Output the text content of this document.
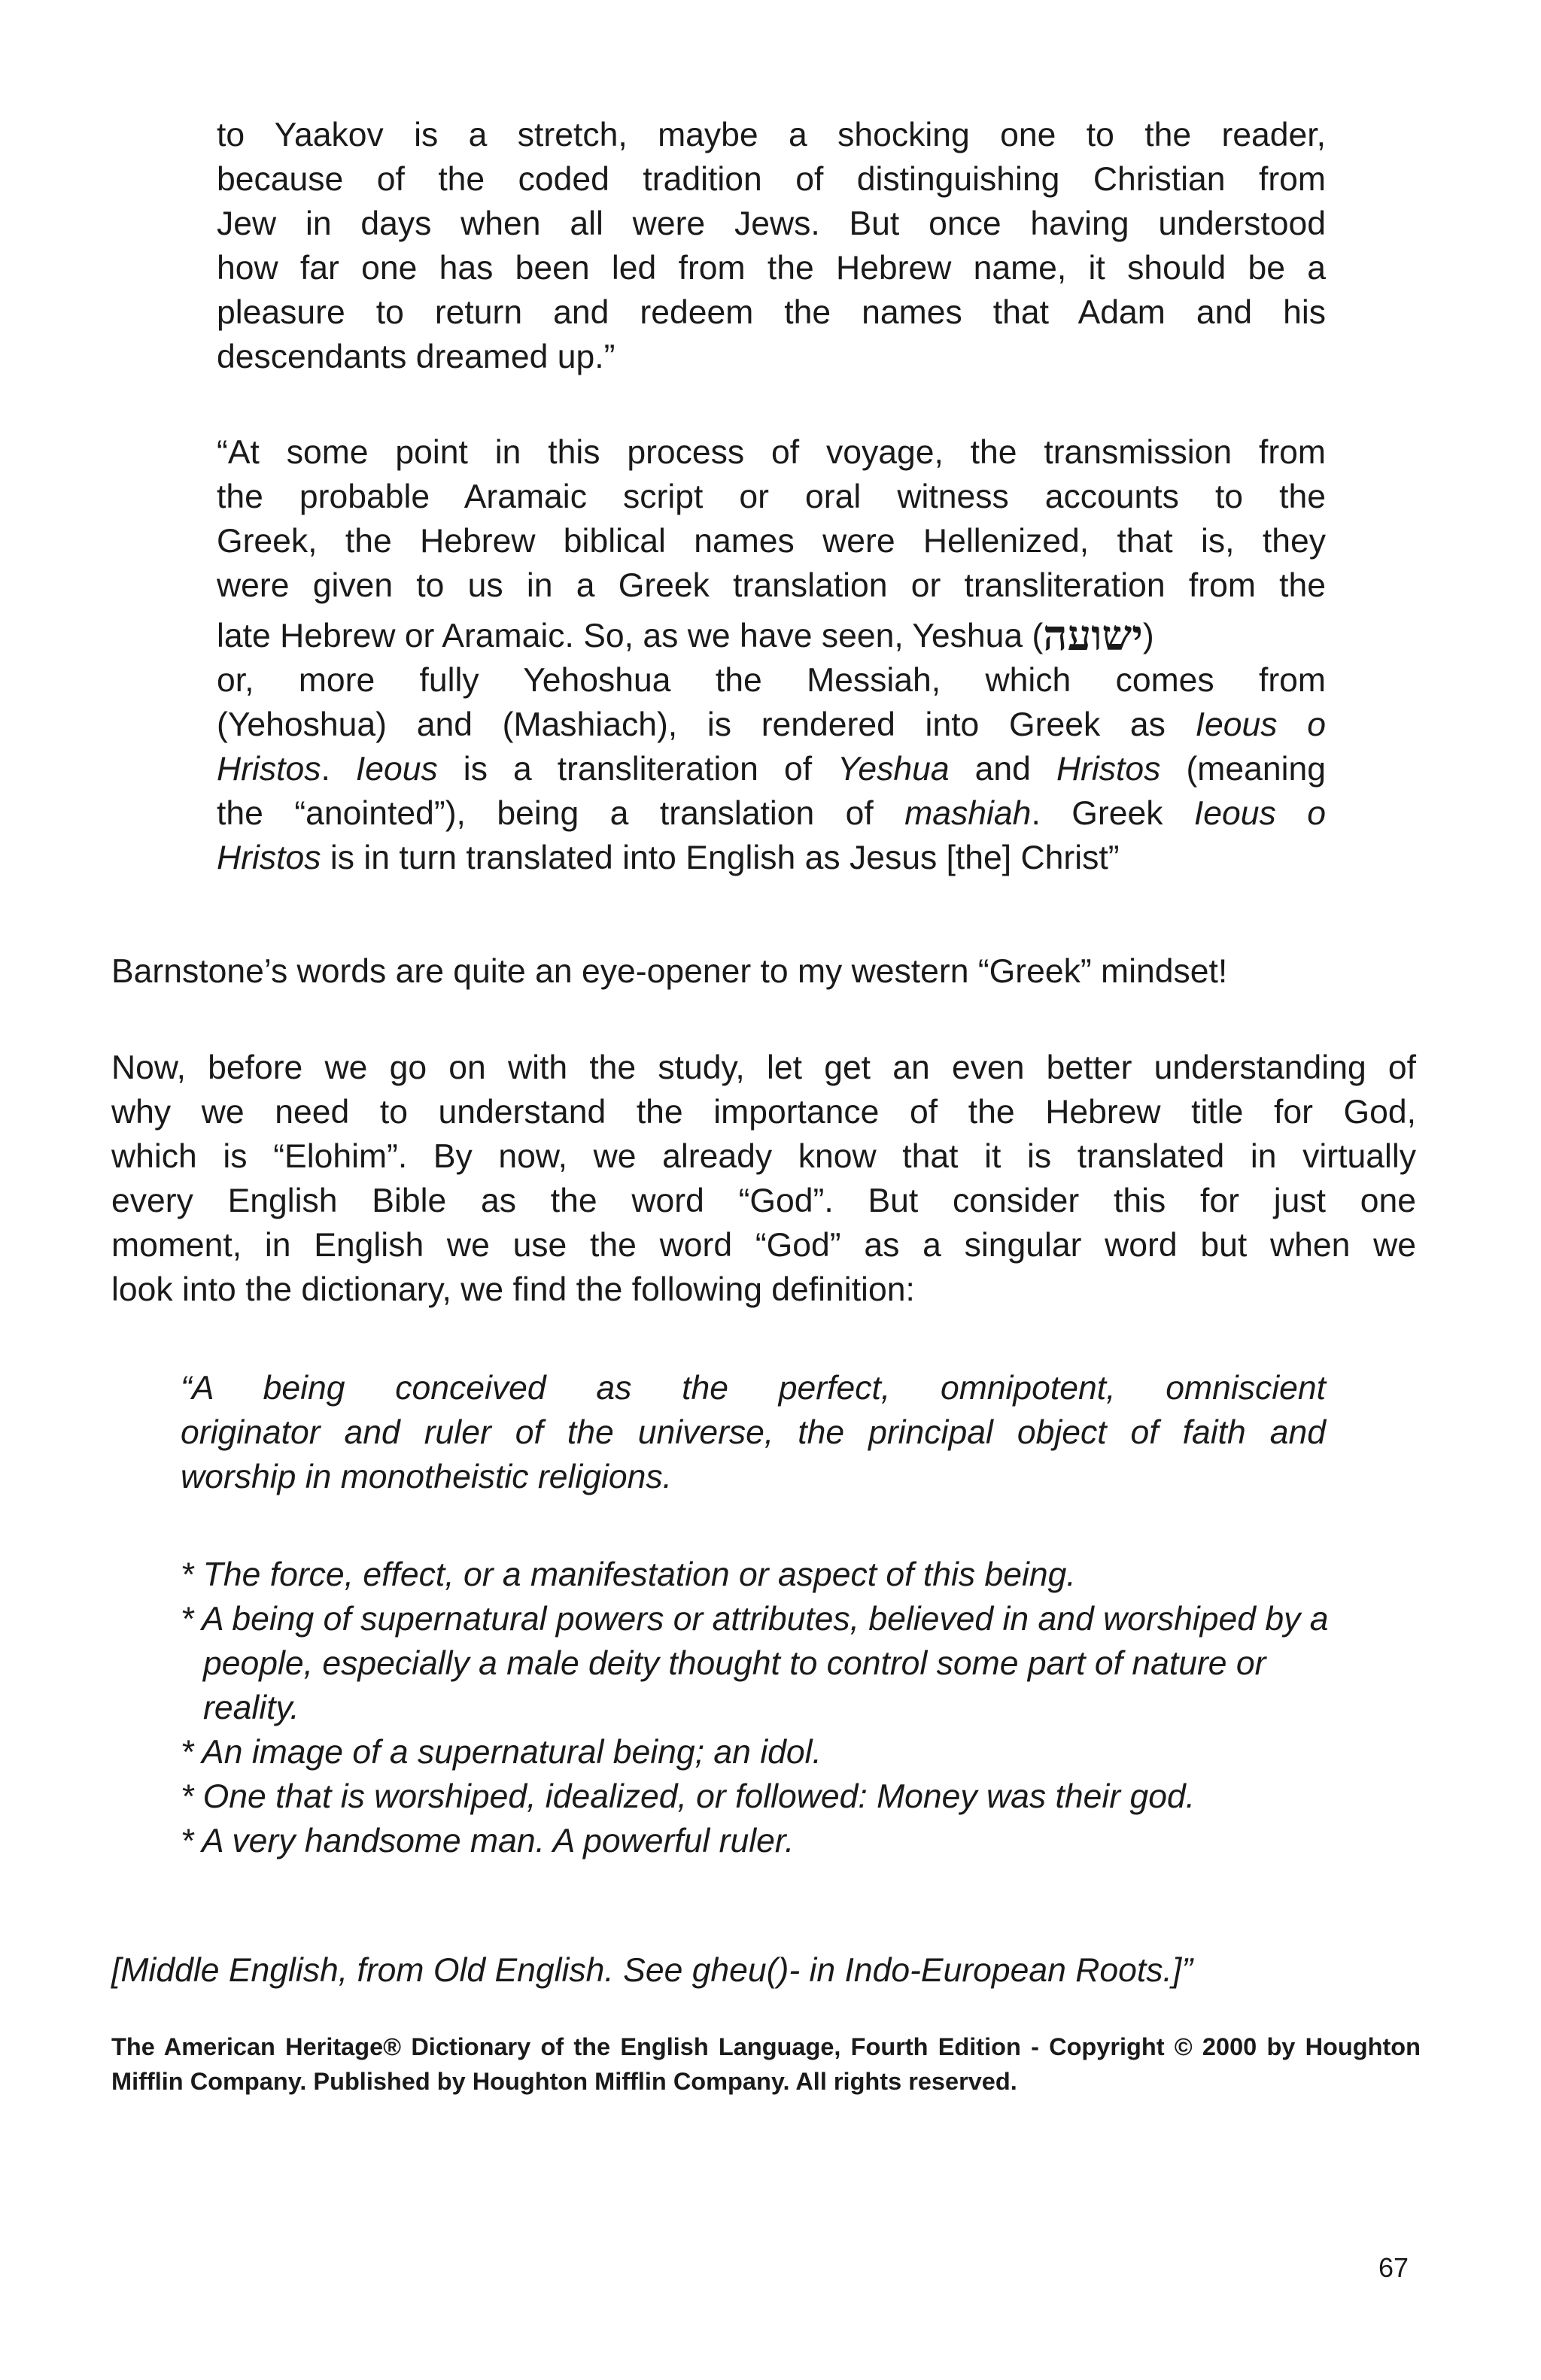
to Yaakov is a stretch, maybe a shocking one to the reader,
because of the coded tradition of distinguishing Christian from
Jew in days when all were Jews. But once having understood
how far one has been led from the Hebrew name, it should be a
pleasure to return and redeem the names that Adam and his
descendants dreamed up.”
“At some point in this process of voyage, the transmission from
the probable Aramaic script or oral witness accounts to the
Greek, the Hebrew biblical names were Hellenized, that is, they
were given to us in a Greek translation or transliteration from the
late Hebrew or Aramaic. So, as we have seen, Yeshua (ישועה)
or, more fully Yehoshua the Messiah, which comes from
(Yehoshua) and (Mashiach), is rendered into Greek as Ieous o
Hristos. Ieous is a transliteration of Yeshua and Hristos (meaning
the “anointed”), being a translation of mashiah. Greek Ieous o
Hristos is in turn translated into English as Jesus [the] Christ”
Barnstone’s words are quite an eye-opener to my western “Greek” mindset!
Now, before we go on with the study, let get an even better understanding of
why we need to understand the importance of the Hebrew title for God,
which is “Elohim”. By now, we already know that it is translated in virtually
every English Bible as the word “God”. But consider this for just one
moment, in English we use the word “God” as a singular word but when we
look into the dictionary, we find the following definition:
“A being conceived as the perfect, omnipotent, omniscient
originator and ruler of the universe, the principal object of faith and
worship in monotheistic religions.
* The force, effect, or a manifestation or aspect of this being.
* A being of supernatural powers or attributes, believed in and worshiped by a people, especially a male deity thought to control some part of nature or reality.
* An image of a supernatural being; an idol.
* One that is worshiped, idealized, or followed: Money was their god.
* A very handsome man. A powerful ruler.
[Middle English, from Old English. See gheu()- in Indo-European Roots.]”
The American Heritage® Dictionary of the English Language, Fourth Edition - Copyright © 2000 by Houghton Mifflin Company. Published by Houghton Mifflin Company. All rights reserved.
67
